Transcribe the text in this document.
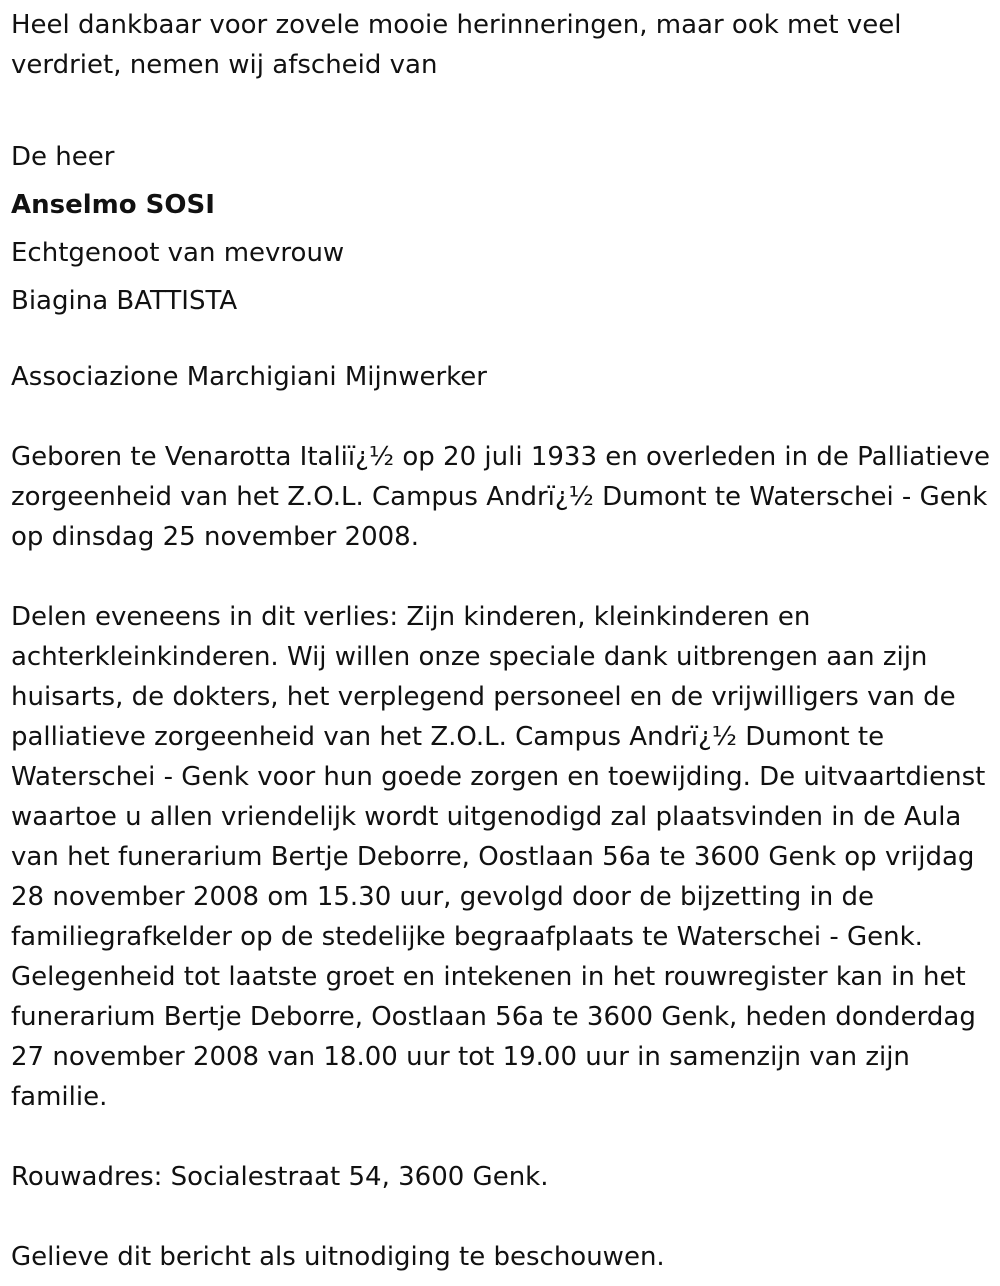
Heel dankbaar voor zovele mooie herinneringen, maar ook met veel verdriet, nemen wij afscheid van

De heer

Anselmo SOSI

Echtgenoot van mevrouw

Biagina BATTISTA

Associazione Marchigiani Mijnwerker

Geboren te Venarotta Italiï¿½ op 20 juli 1933 en overleden in de Palliatieve zorgeenheid van het Z.O.L. Campus Andrï¿½ Dumont te Waterschei - Genk op dinsdag 25 november 2008.

Delen eveneens in dit verlies: Zijn kinderen, kleinkinderen en achterkleinkinderen. Wij willen onze speciale dank uitbrengen aan zijn huisarts, de dokters, het verplegend personeel en de vrijwilligers van de palliatieve zorgeenheid van het Z.O.L. Campus Andrï¿½ Dumont te Waterschei - Genk voor hun goede zorgen en toewijding. De uitvaartdienst waartoe u allen vriendelijk wordt uitgenodigd zal plaatsvinden in de Aula van het funerarium Bertje Deborre, Oostlaan 56a te 3600 Genk op vrijdag 28 november 2008 om 15.30 uur, gevolgd door de bijzetting in de familiegrafkelder op de stedelijke begraafplaats te Waterschei - Genk. Gelegenheid tot laatste groet en intekenen in het rouwregister kan in het funerarium Bertje Deborre, Oostlaan 56a te 3600 Genk, heden donderdag 27 november 2008 van 18.00 uur tot 19.00 uur in samenzijn van zijn familie.

Rouwadres: Socialestraat 54, 3600 Genk.

Gelieve dit bericht als uitnodiging te beschouwen.
